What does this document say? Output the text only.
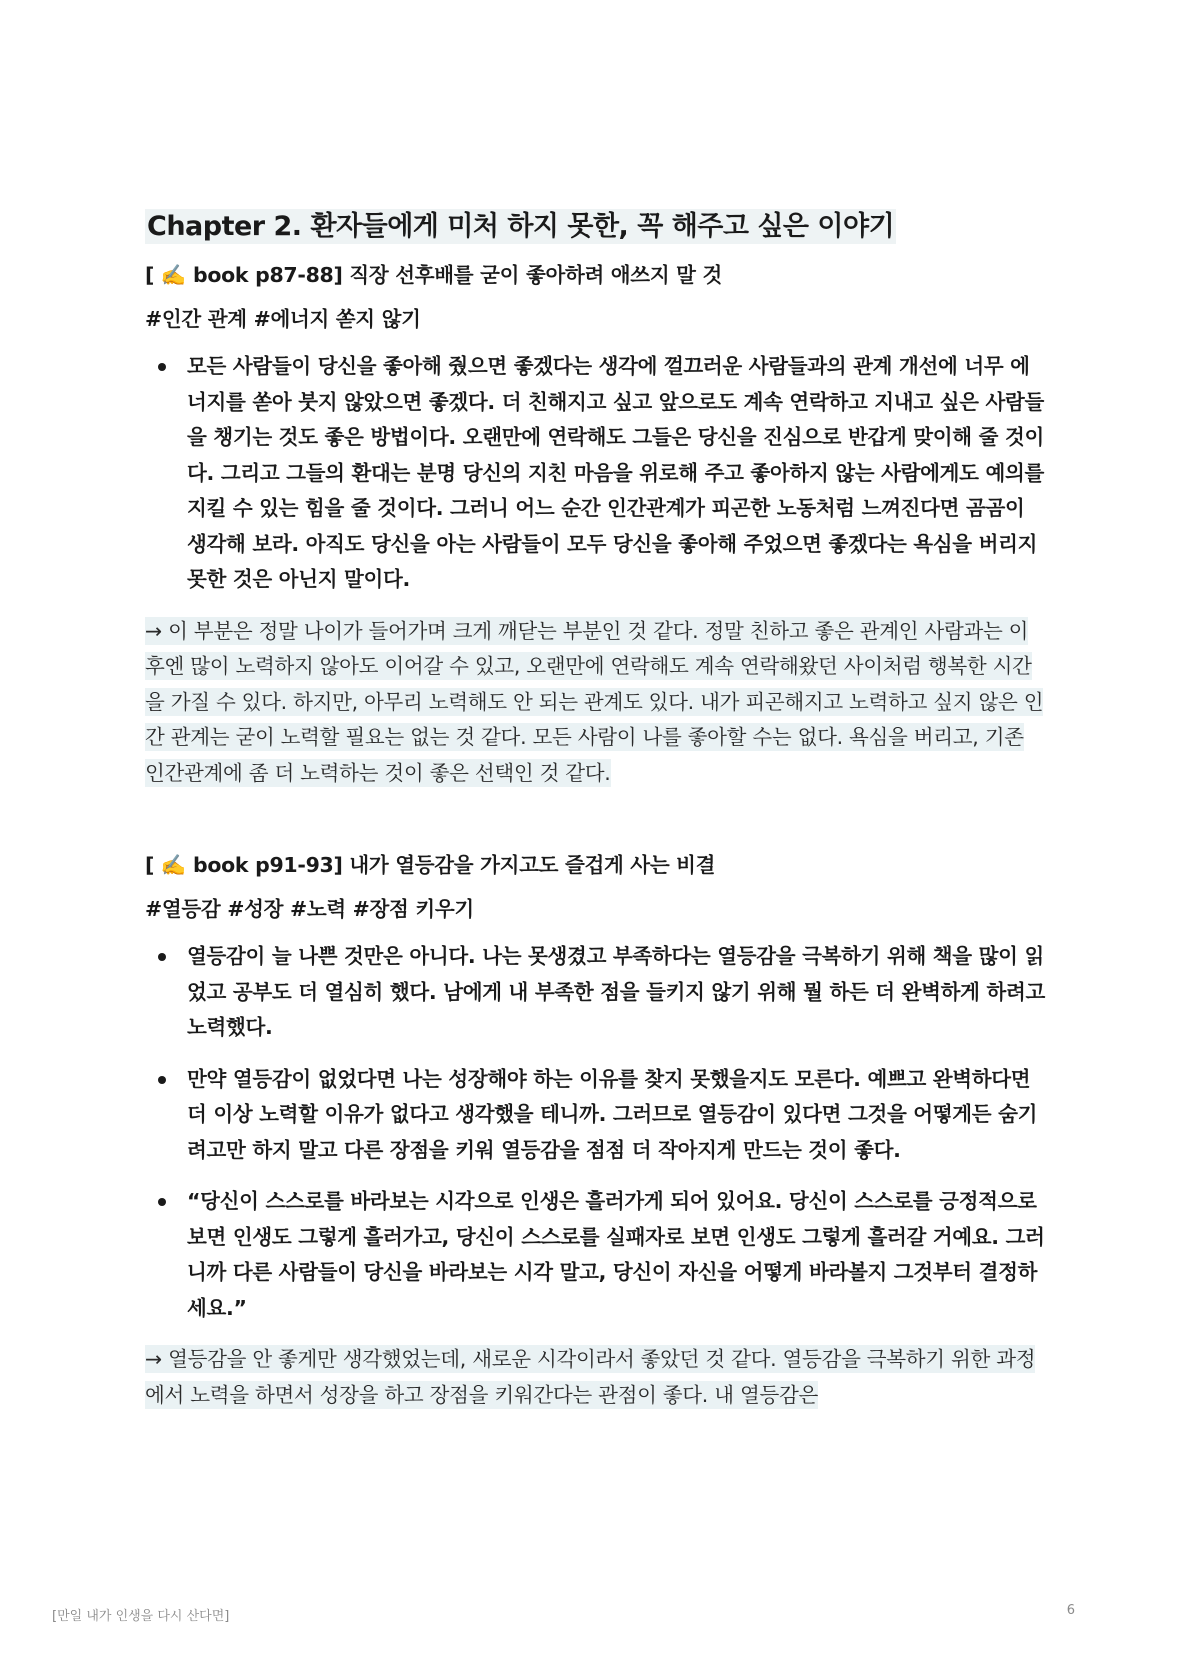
Chapter 2. 환자들에게 미처 하지 못한, 꼭 해주고 싶은 이야기
[ ✍️ book p87-88] 직장 선후배를 굳이 좋아하려 애쓰지 말 것
#인간 관계 #에너지 쏟지 않기
모든 사람들이 당신을 좋아해 줬으면 좋겠다는 생각에 껄끄러운 사람들과의 관계 개선에 너무 에너지를 쏟아 붓지 않았으면 좋겠다. 더 친해지고 싶고 앞으로도 계속 연락하고 지내고 싶은 사람들을 챙기는 것도 좋은 방법이다. 오랜만에 연락해도 그들은 당신을 진심으로 반갑게 맞이해 줄 것이다. 그리고 그들의 환대는 분명 당신의 지친 마음을 위로해 주고 좋아하지 않는 사람에게도 예의를 지킬 수 있는 힘을 줄 것이다. 그러니 어느 순간 인간관계가 피곤한 노동처럼 느껴진다면 곰곰이 생각해 보라. 아직도 당신을 아는 사람들이 모두 당신을 좋아해 주었으면 좋겠다는 욕심을 버리지 못한 것은 아닌지 말이다.

→ 이 부분은 정말 나이가 들어가며 크게 깨닫는 부분인 것 같다. 정말 친하고 좋은 관계인 사람과는 이후엔 많이 노력하지 않아도 이어갈 수 있고, 오랜만에 연락해도 계속 연락해왔던 사이처럼 행복한 시간을 가질 수 있다. 하지만, 아무리 노력해도 안 되는 관계도 있다. 내가 피곤해지고 노력하고 싶지 않은 인간 관계는 굳이 노력할 필요는 없는 것 같다. 모든 사람이 나를 좋아할 수는 없다. 욕심을 버리고, 기존 인간관계에 좀 더 노력하는 것이 좋은 선택인 것 같다.

[ ✍️ book p91-93] 내가 열등감을 가지고도 즐겁게 사는 비결
#열등감 #성장 #노력 #장점 키우기
열등감이 늘 나쁜 것만은 아니다. 나는 못생겼고 부족하다는 열등감을 극복하기 위해 책을 많이 읽었고 공부도 더 열심히 했다. 남에게 내 부족한 점을 들키지 않기 위해 뭘 하든 더 완벽하게 하려고 노력했다.
만약 열등감이 없었다면 나는 성장해야 하는 이유를 찾지 못했을지도 모른다. 예쁘고 완벽하다면 더 이상 노력할 이유가 없다고 생각했을 테니까. 그러므로 열등감이 있다면 그것을 어떻게든 숨기려고만 하지 말고 다른 장점을 키워 열등감을 점점 더 작아지게 만드는 것이 좋다.
“당신이 스스로를 바라보는 시각으로 인생은 흘러가게 되어 있어요. 당신이 스스로를 긍정적으로 보면 인생도 그렇게 흘러가고, 당신이 스스로를 실패자로 보면 인생도 그렇게 흘러갈 거예요. 그러니까 다른 사람들이 당신을 바라보는 시각 말고, 당신이 자신을 어떻게 바라볼지 그것부터 결정하세요.”

→ 열등감을 안 좋게만 생각했었는데, 새로운 시각이라서 좋았던 것 같다. 열등감을 극복하기 위한 과정에서 노력을 하면서 성장을 하고 장점을 키워간다는 관점이 좋다. 내 열등감은

[만일 내가 인생을 다시 산다면]	6
